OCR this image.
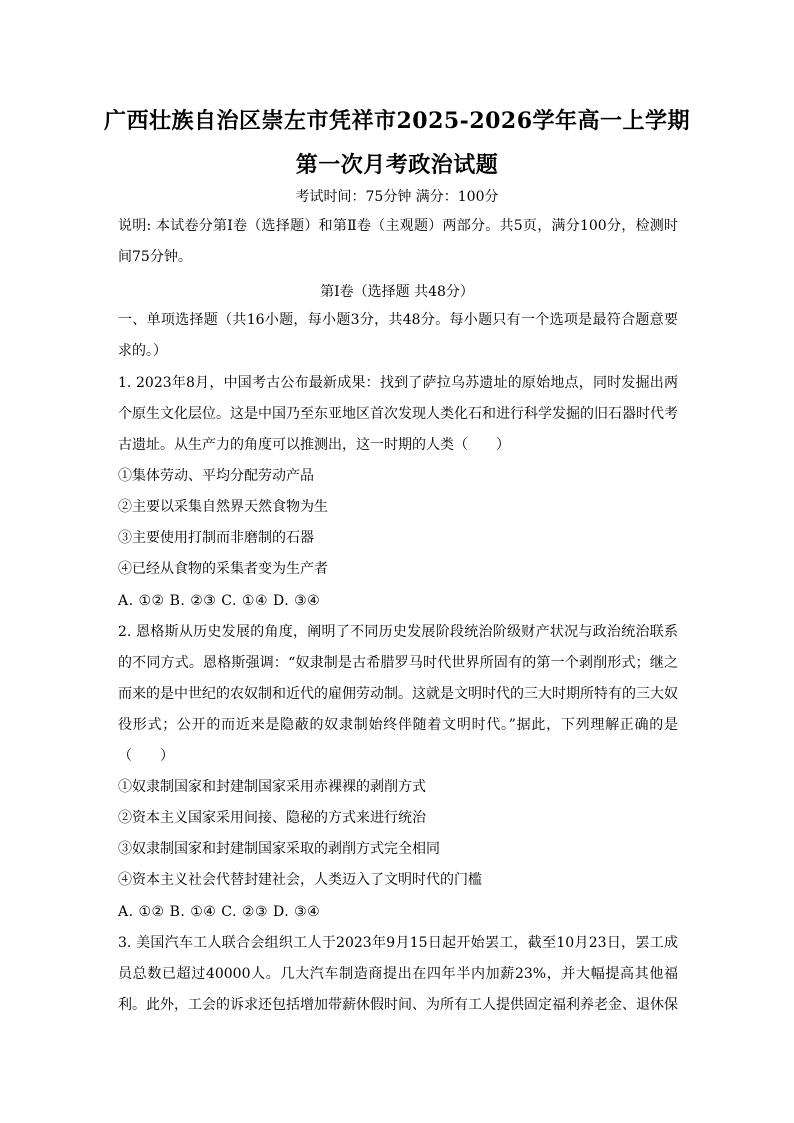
广西壮族自治区崇左市凭祥市2025-2026学年高一上学期
第一次月考政治试题
考试时间：75分钟 满分：100分
说明: 本试卷分第Ⅰ卷（选择题）和第Ⅱ卷（主观题）两部分。共5页，满分100分，检测时间75分钟。
第Ⅰ卷（选择题 共48分）
一、单项选择题（共16小题，每小题3分，共48分。每小题只有一个选项是最符合题意要求的。）
1. 2023年8月，中国考古公布最新成果：找到了萨拉乌苏遗址的原始地点，同时发掘出两个原生文化层位。这是中国乃至东亚地区首次发现人类化石和进行科学发掘的旧石器时代考古遗址。从生产力的角度可以推测出，这一时期的人类（　　）
①集体劳动、平均分配劳动产品
②主要以采集自然界天然食物为生
③主要使用打制而非磨制的石器
④已经从食物的采集者变为生产者
A. ①② B. ②③ C. ①④ D. ③④
2. 恩格斯从历史发展的角度，阐明了不同历史发展阶段统治阶级财产状况与政治统治联系的不同方式。恩格斯强调：“奴隶制是古希腊罗马时代世界所固有的第一个剥削形式；继之而来的是中世纪的农奴制和近代的雇佣劳动制。这就是文明时代的三大时期所特有的三大奴役形式；公开的而近来是隐蔽的奴隶制始终伴随着文明时代。”据此，下列理解正确的是（　　）
①奴隶制国家和封建制国家采用赤裸裸的剥削方式
②资本主义国家采用间接、隐秘的方式来进行统治
③奴隶制国家和封建制国家采取的剥削方式完全相同
④资本主义社会代替封建社会，人类迈入了文明时代的门槛
A. ①② B. ①④ C. ②③ D. ③④
3. 美国汽车工人联合会组织工人于2023年9月15日起开始罢工，截至10月23日，罢工成员总数已超过40000人。几大汽车制造商提出在四年半内加薪23%，并大幅提高其他福利。此外，工会的诉求还包括增加带薪休假时间、为所有工人提供固定福利养老金、退休保
